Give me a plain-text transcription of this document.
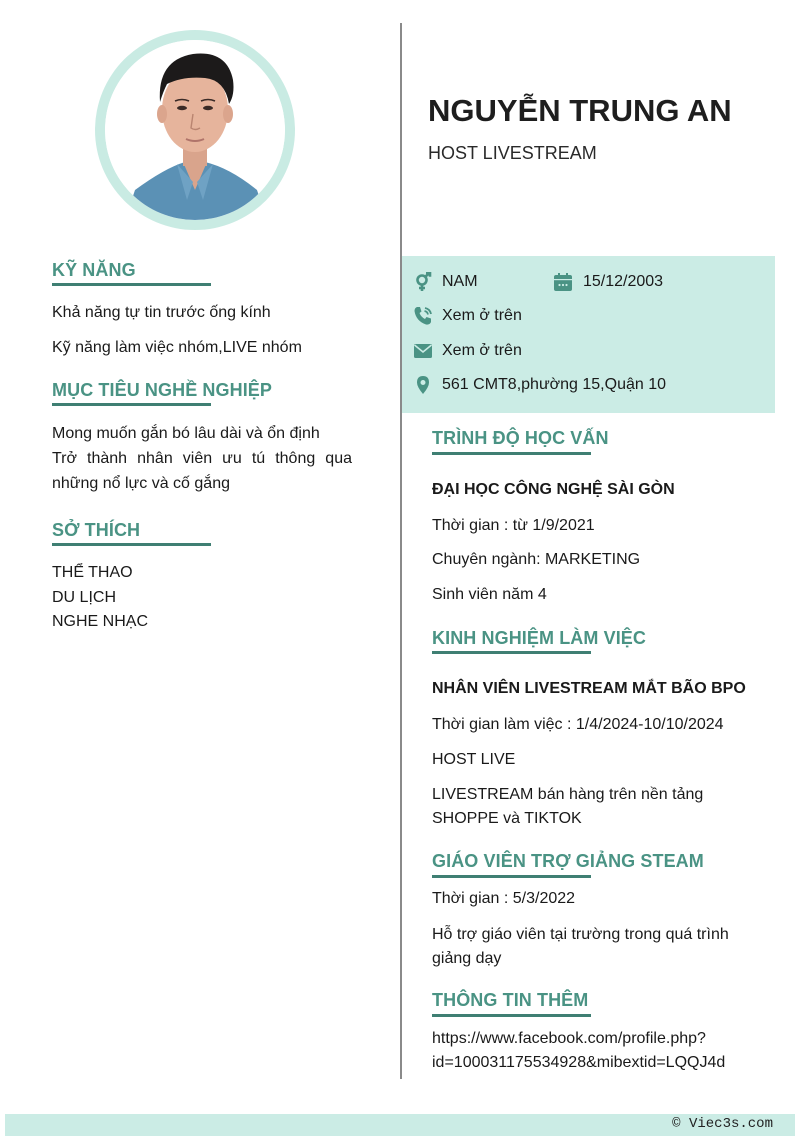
KỸ NĂNG
Khả năng tự tin trước ống kính
Kỹ năng làm việc nhóm,LIVE nhóm
MỤC TIÊU NGHỀ NGHIỆP
Mong muốn gắn bó lâu dài và ổn định
Trở thành nhân viên ưu tú thông qua
những nổ lực và cố gắng
SỞ THÍCH
THỂ THAO
DU LỊCH
NGHE NHẠC
NGUYỄN TRUNG AN
HOST LIVESTREAM
NAM	15/12/2003
Xem ở trên
Xem ở trên
561 CMT8,phường 15,Quận 10
TRÌNH ĐỘ HỌC VẤN
ĐẠI HỌC CÔNG NGHỆ SÀI GÒN
Thời gian : từ 1/9/2021
Chuyên ngành: MARKETING
Sinh viên năm 4
KINH NGHIỆM LÀM VIỆC
NHÂN VIÊN LIVESTREAM MẮT BÃO BPO
Thời gian làm việc : 1/4/2024-10/10/2024
HOST LIVE
LIVESTREAM bán hàng trên nền tảng
SHOPPE và TIKTOK
GIÁO VIÊN TRỢ GIẢNG STEAM
Thời gian : 5/3/2022
Hỗ trợ giáo viên tại trường trong quá trình
giảng dạy
THÔNG TIN THÊM
https://www.facebook.com/profile.php?
id=100031175534928&mibextid=LQQJ4d
© Viec3s.com
